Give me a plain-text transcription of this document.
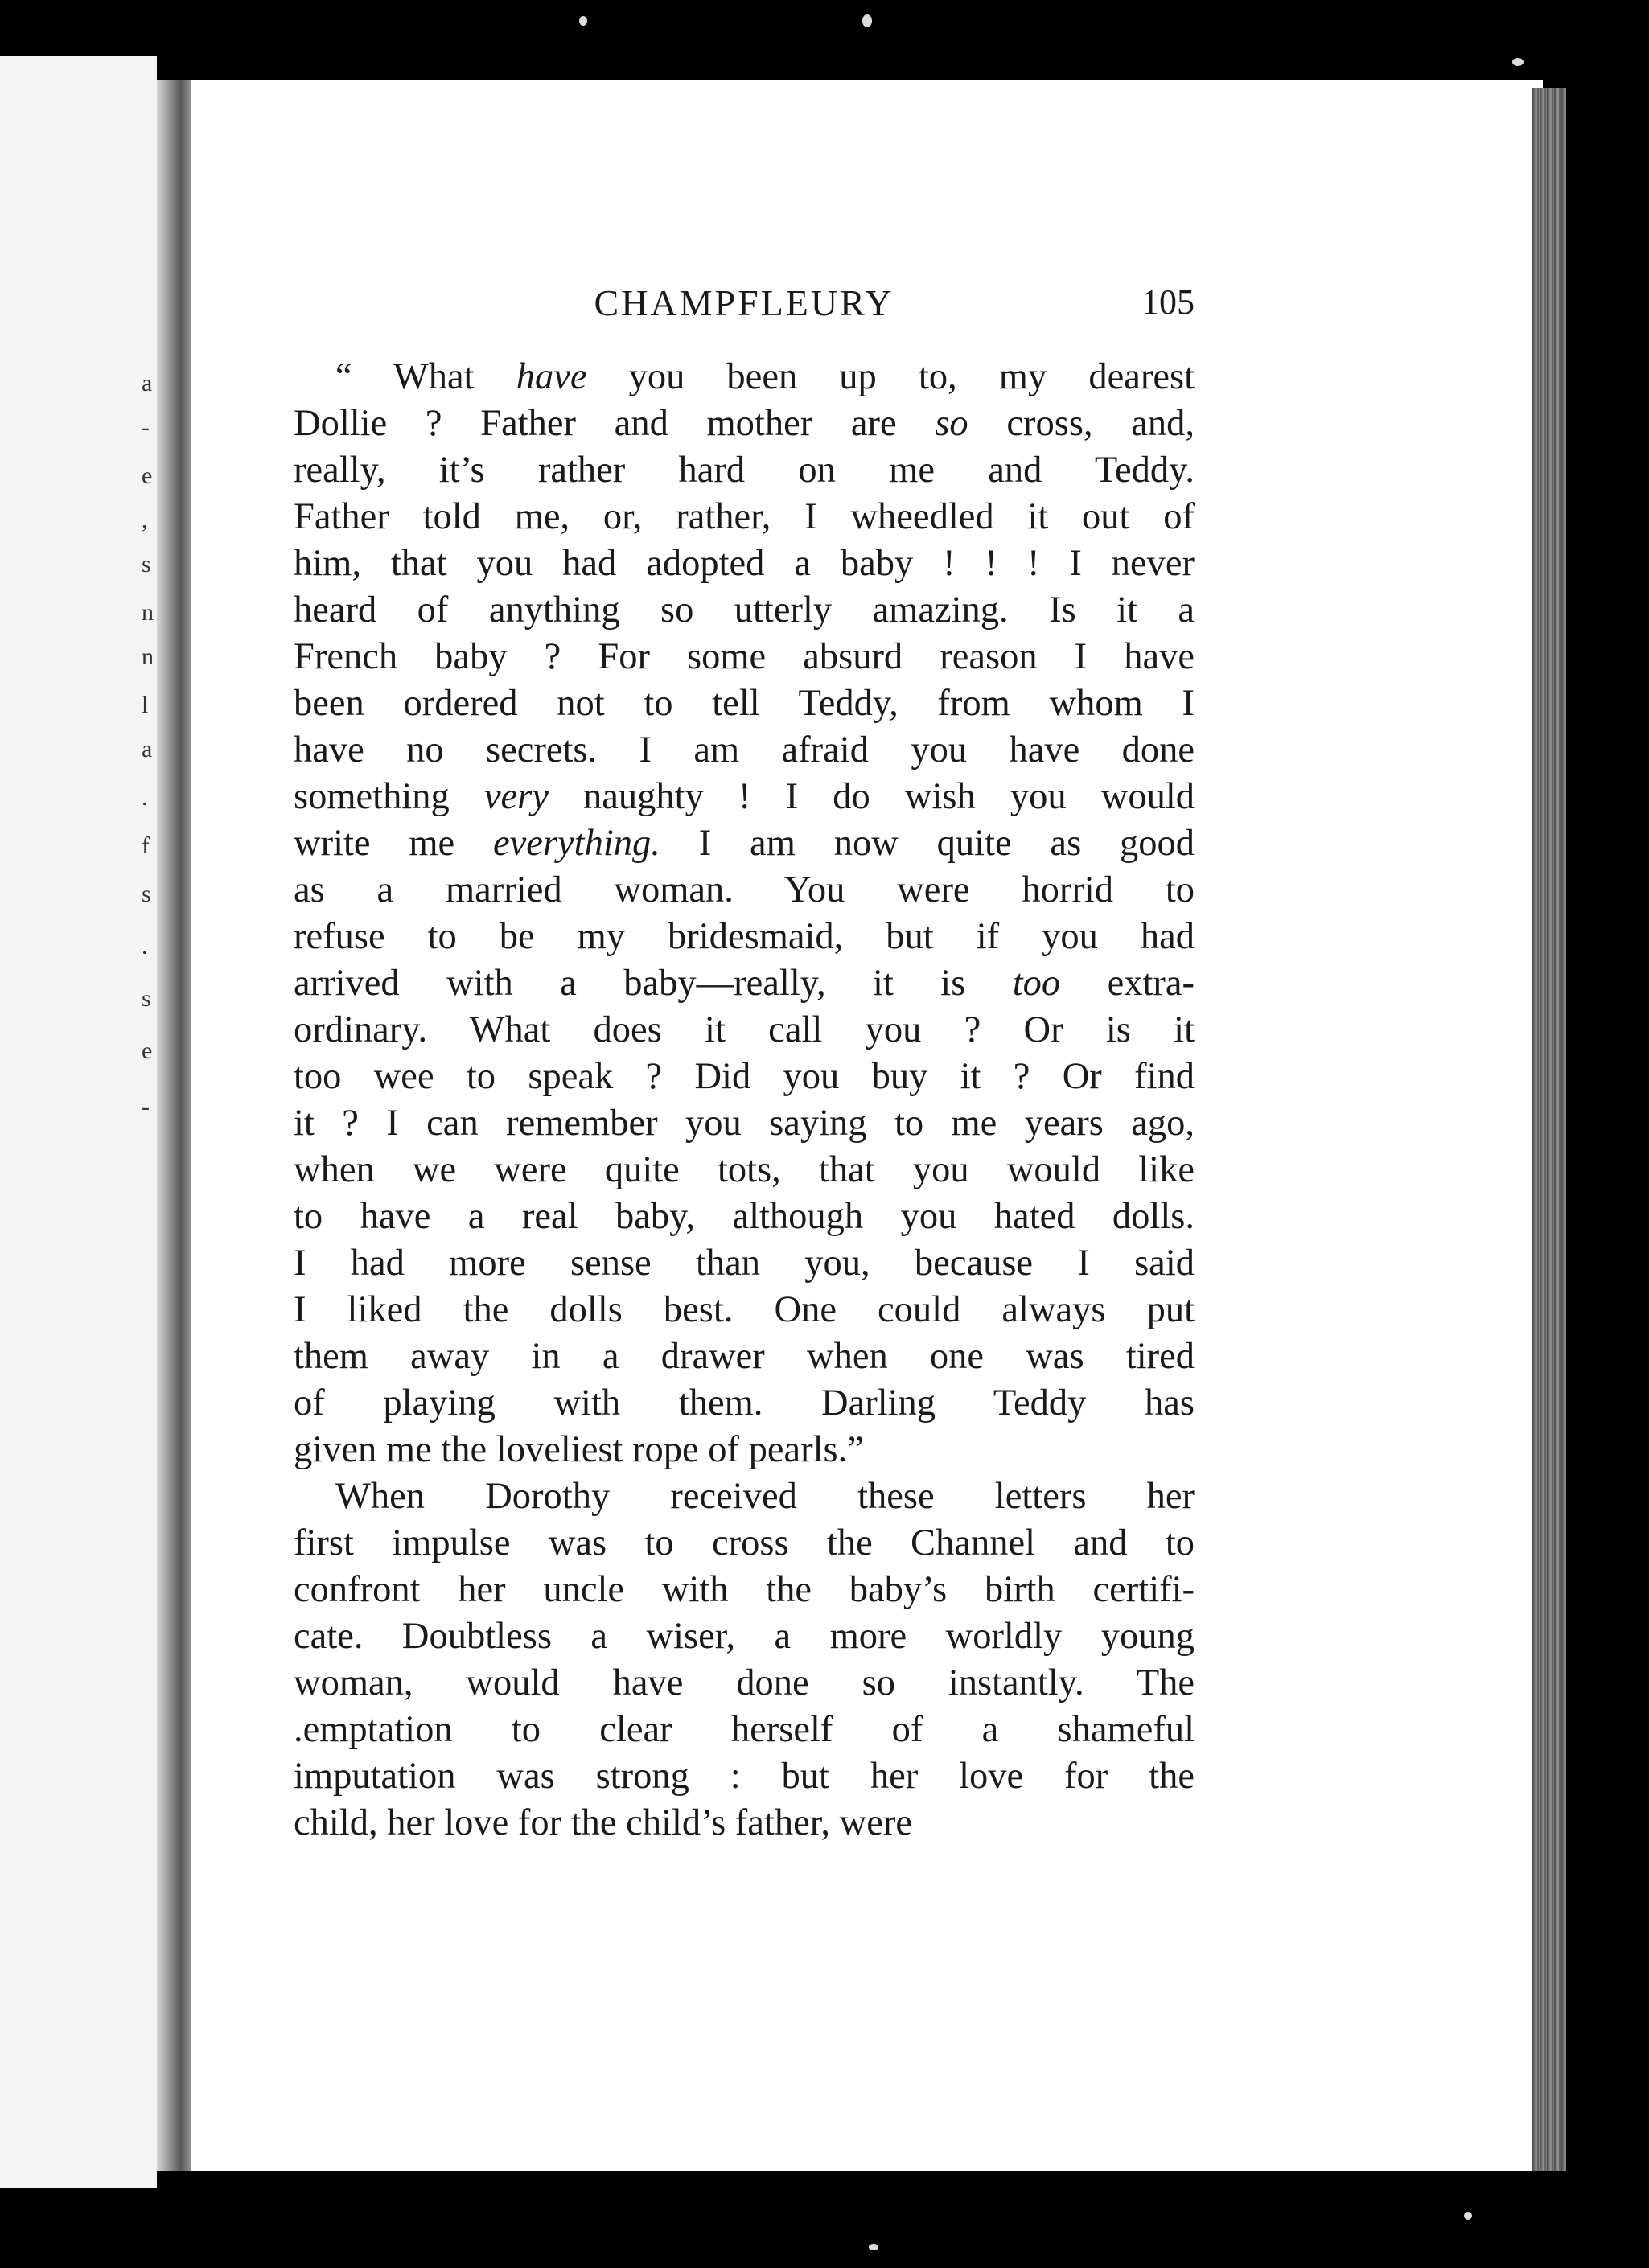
a
-
e
,
s
n
n
l
a
.
f
s
.
s
e
-
CHAMPFLEURY	105
“ What have you been up to, my dearest
Dollie ? Father and mother are so cross, and,
really, it’s rather hard on me and Teddy.
Father told me, or, rather, I wheedled it out of
him, that you had adopted a baby ! ! ! I never
heard of anything so utterly amazing. Is it a
French baby ? For some absurd reason I have
been ordered not to tell Teddy, from whom I
have no secrets. I am afraid you have done
something very naughty ! I do wish you would
write me everything. I am now quite as good
as a married woman. You were horrid to
refuse to be my bridesmaid, but if you had
arrived with a baby—really, it is too extra-
ordinary. What does it call you ? Or is it
too wee to speak ? Did you buy it ? Or find
it ? I can remember you saying to me years ago,
when we were quite tots, that you would like
to have a real baby, although you hated dolls.
I had more sense than you, because I said
I liked the dolls best. One could always put
them away in a drawer when one was tired
of playing with them. Darling Teddy has
given me the loveliest rope of pearls.”
When Dorothy received these letters her
first impulse was to cross the Channel and to
confront her uncle with the baby’s birth certifi-
cate. Doubtless a wiser, a more worldly young
woman, would have done so instantly. The
.emptation to clear herself of a shameful
imputation was strong : but her love for the
child, her love for the child’s father, were
